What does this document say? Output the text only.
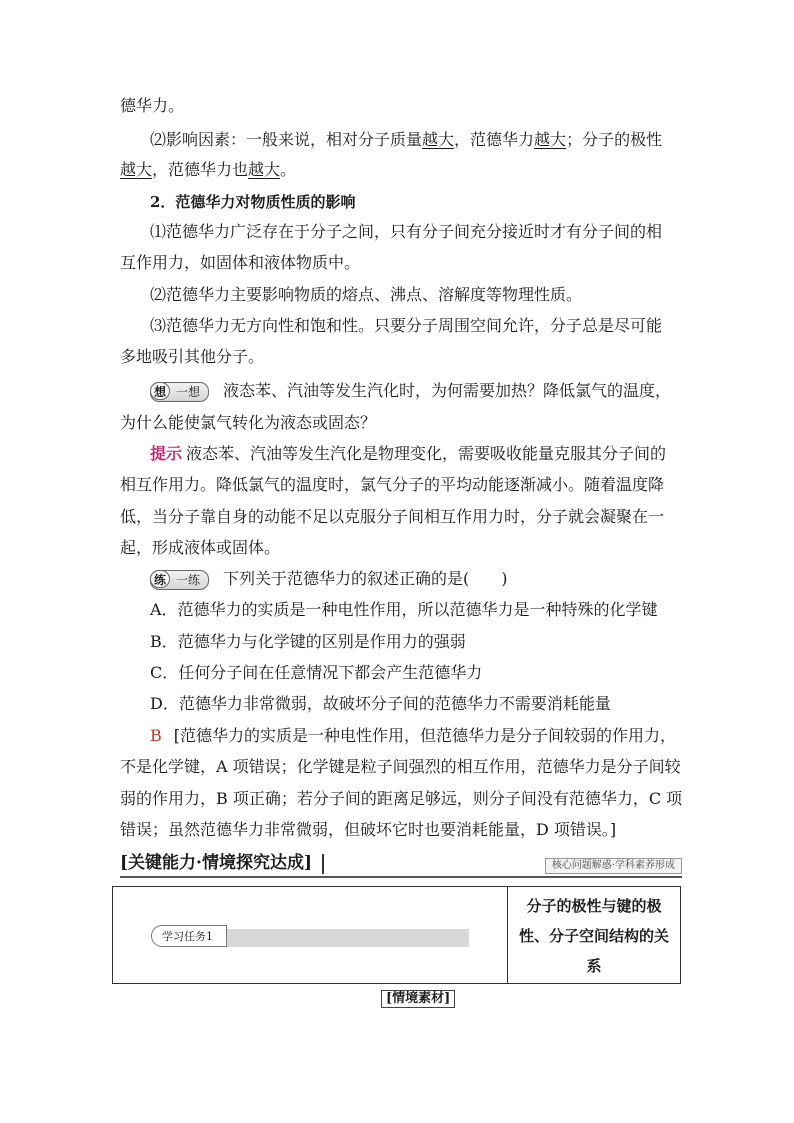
德华力。
⑵影响因素：一般来说，相对分子质量越大，范德华力越大；分子的极性
越大，范德华力也越大。
2．范德华力对物质性质的影响
⑴范德华力广泛存在于分子之间，只有分子间充分接近时才有分子间的相
互作用力，如固体和液体物质中。
⑵范德华力主要影响物质的熔点、沸点、溶解度等物理性质。
⑶范德华力无方向性和饱和性。只要分子周围空间允许，分子总是尽可能
多地吸引其他分子。
想 一想 液态苯、汽油等发生汽化时，为何需要加热？降低氯气的温度，
为什么能使氯气转化为液态或固态？
提示 液态苯、汽油等发生汽化是物理变化，需要吸收能量克服其分子间的
相互作用力。降低氯气的温度时，氯气分子的平均动能逐渐减小。随着温度降
低，当分子靠自身的动能不足以克服分子间相互作用力时，分子就会凝聚在一
起，形成液体或固体。
练 一练 下列关于范德华力的叙述正确的是(　　)
A．范德华力的实质是一种电性作用，所以范德华力是一种特殊的化学键
B．范德华力与化学键的区别是作用力的强弱
C．任何分子间在任意情况下都会产生范德华力
D．范德华力非常微弱，故破坏分子间的范德华力不需要消耗能量
B [范德华力的实质是一种电性作用，但范德华力是分子间较弱的作用力，
不是化学键，A 项错误；化学键是粒子间强烈的相互作用，范德华力是分子间较
弱的作用力，B 项正确；若分子间的距离足够远，则分子间没有范德华力，C 项
错误；虽然范德华力非常微弱，但破坏它时也要消耗能量，D 项错误。]
[关键能力·情境探究达成]	核心问题解惑·学科素养形成
学习任务1
分子的极性与键的极
性、分子空间结构的关
系
[情境素材]
